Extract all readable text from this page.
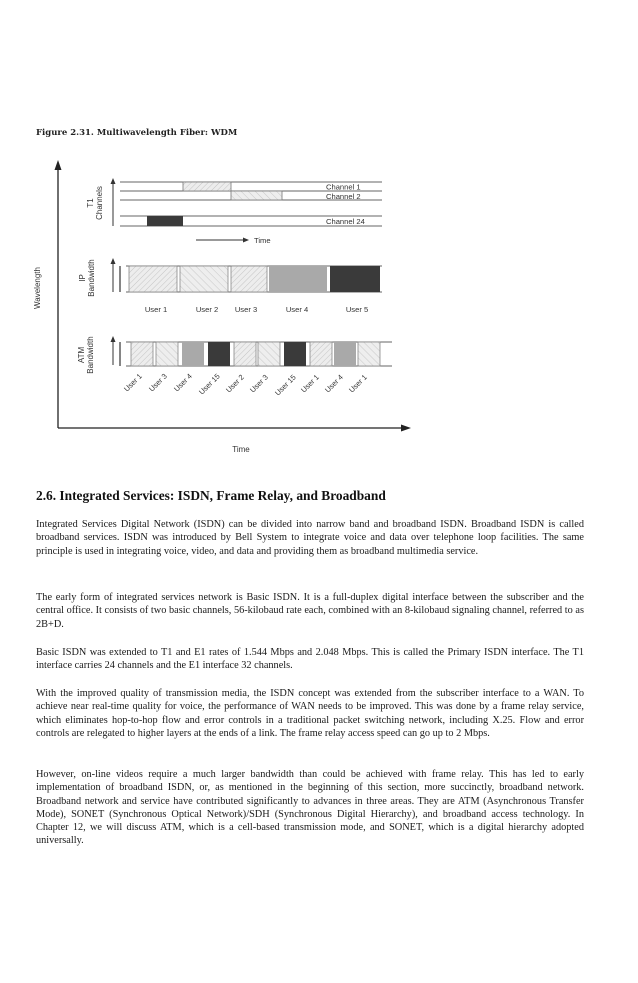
Figure 2.31. Multiwavelength Fiber: WDM
Wavelength
Time
T1 Channels	Channel 1
Channel 2
Channel 24
Time
IP Bandwidth
User 1	User 2 User 3	User 4	User 5
ATM Bandwidth
User 1 User 3 User 4 User 15 User 2 User 3 User 15 User 1 User 4 User 1
2.6. Integrated Services: ISDN, Frame Relay, and Broadband

Integrated Services Digital Network (ISDN) can be divided into narrow band and broadband ISDN. Broadband ISDN is called broadband services. ISDN was introduced by Bell System to integrate voice and data over telephone loop facilities. The same principle is used in integrating voice, video, and data and providing them as broadband multimedia service.

The early form of integrated services network is Basic ISDN. It is a full-duplex digital interface between the subscriber and the central office. It consists of two basic channels, 56-kilobaud rate each, combined with an 8-kilobaud signaling channel, referred to as 2B+D.

Basic ISDN was extended to T1 and E1 rates of 1.544 Mbps and 2.048 Mbps. This is called the Primary ISDN interface. The T1 interface carries 24 channels and the E1 interface 32 channels.

With the improved quality of transmission media, the ISDN concept was extended from the subscriber interface to a WAN. To achieve near real-time quality for voice, the performance of WAN needs to be improved. This was done by a frame relay service, which eliminates hop-to-hop flow and error controls in a traditional packet switching network, including X.25. Flow and error controls are relegated to higher layers at the ends of a link. The frame relay access speed can go up to 2 Mbps.

However, on-line videos require a much larger bandwidth than could be achieved with frame relay. This has led to early implementation of broadband ISDN, or, as mentioned in the beginning of this section, more succinctly, broadband network. Broadband network and service have contributed significantly to advances in three areas. They are ATM (Asynchronous Transfer Mode), SONET (Synchronous Optical Network)/SDH (Synchronous Digital Hierarchy), and broadband access technology. In Chapter 12, we will discuss ATM, which is a cell-based transmission mode, and SONET, which is a digital hierarchy adopted universally.
